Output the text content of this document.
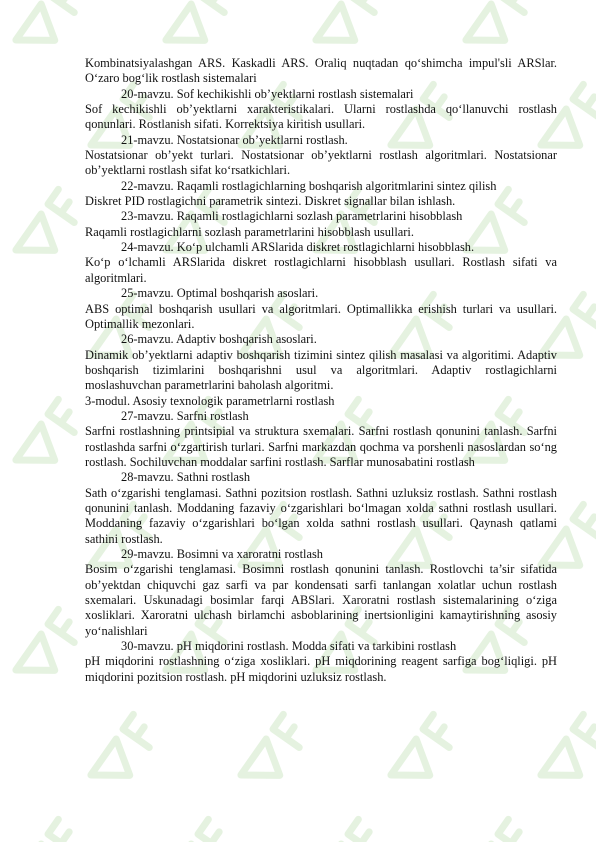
Kombinatsiyalashgan ARS. Kaskadli ARS. Oraliq nuqtadan qo‘shimcha impul'sli ARSlar. O‘zaro bog‘lik rostlash sistemalari

20-mavzu. Sof kechikishli ob’yektlarni rostlash sistemalari

Sof kechikishli ob’yektlarni xarakteristikalari. Ularni rostlashda qo‘llanuvchi rostlash qonunlari. Rostlanish sifati. Korrektsiya kiritish usullari.

21-mavzu. Nostatsionar ob’yektlarni rostlash.

Nostatsionar ob’yekt turlari. Nostatsionar ob’yektlarni rostlash algoritmlari. Nostatsionar ob’yektlarni rostlash sifat ko‘rsatkichlari.

22-mavzu. Raqamli rostlagichlarning boshqarish algoritmlarini sintez qilish

Diskret PID rostlagichni parametrik sintezi. Diskret signallar bilan ishlash.

23-mavzu. Raqamli rostlagichlarni sozlash parametrlarini hisobblash

Raqamli rostlagichlarni sozlash parametrlarini hisobblash usullari.

24-mavzu. Ko‘p ulchamli ARSlarida diskret rostlagichlarni hisobblash.

Ko‘p o‘lchamli ARSlarida diskret rostlagichlarni hisobblash usullari. Rostlash sifati va algoritmlari.

25-mavzu. Optimal boshqarish asoslari.

ABS optimal boshqarish usullari va algoritmlari. Optimallikka erishish turlari va usullari. Optimallik mezonlari.

26-mavzu. Adaptiv boshqarish asoslari.

Dinamik ob’yektlarni adaptiv boshqarish tizimini sintez qilish masalasi va algoritimi. Adaptiv boshqarish tizimlarini boshqarishni usul va algoritmlari. Adaptiv rostlagichlarni moslashuvchan parametrlarini baholash algoritmi.

3-modul. Asosiy texnologik parametrlarni rostlash

27-mavzu. Sarfni rostlash

Sarfni rostlashning printsipial va struktura sxemalari. Sarfni rostlash qonunini tanlash. Sarfni rostlashda sarfni o‘zgartirish turlari. Sarfni markazdan qochma va porshenli nasoslardan so‘ng rostlash. Sochiluvchan moddalar sarfini rostlash. Sarflar munosabatini rostlash

28-mavzu. Sathni rostlash

Sath o‘zgarishi tenglamasi. Sathni pozitsion rostlash. Sathni uzluksiz rostlash. Sathni rostlash qonunini tanlash. Moddaning fazaviy o‘zgarishlari bo‘lmagan xolda sathni rostlash usullari. Moddaning fazaviy o‘zgarishlari bo‘lgan xolda sathni rostlash usullari. Qaynash qatlami sathini rostlash.

29-mavzu. Bosimni va xaroratni rostlash

Bosim o‘zgarishi tenglamasi. Bosimni rostlash qonunini tanlash. Rostlovchi ta’sir sifatida ob’yektdan chiquvchi gaz sarfi va par kondensati sarfi tanlangan xolatlar uchun rostlash sxemalari. Uskunadagi bosimlar farqi ABSlari. Xaroratni rostlash sistemalarining o‘ziga xosliklari. Xaroratni ulchash birlamchi asboblarining inertsionligini kamaytirishning asosiy yo‘nalishlari

30-mavzu. pH miqdorini rostlash. Modda sifati va tarkibini rostlash

pH miqdorini rostlashning o‘ziga xosliklari. pH miqdorining reagent sarfiga bog‘liqligi. pH miqdorini pozitsion rostlash. pH miqdorini uzluksiz rostlash.
